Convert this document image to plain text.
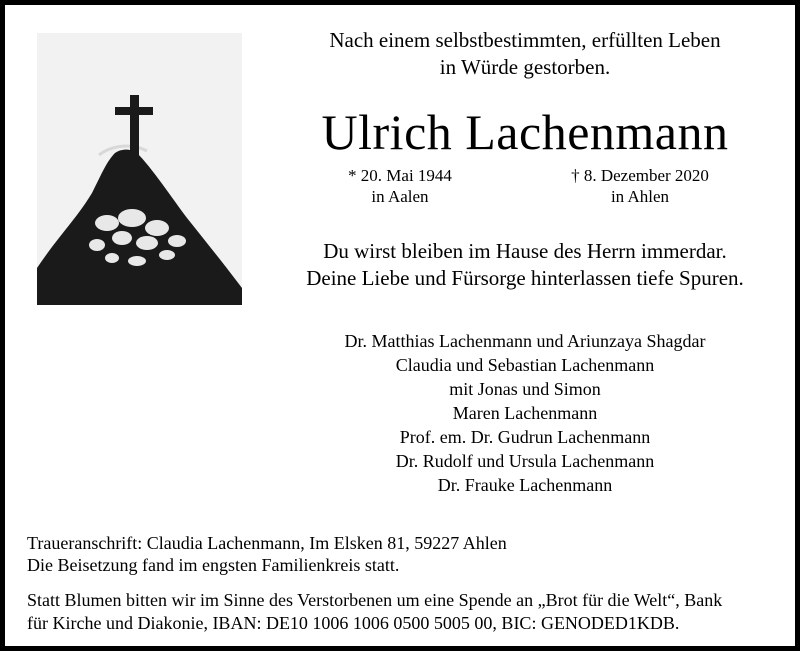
Nach einem selbstbestimmten, erfüllten Leben
in Würde gestorben.
Ulrich Lachenmann
* 20. Mai 1944
in Aalen
† 8. Dezember 2020
in Ahlen
Du wirst bleiben im Hause des Herrn immerdar.
Deine Liebe und Fürsorge hinterlassen tiefe Spuren.
Dr. Matthias Lachenmann und Ariunzaya Shagdar
Claudia und Sebastian Lachenmann
mit Jonas und Simon
Maren Lachenmann
Prof. em. Dr. Gudrun Lachenmann
Dr. Rudolf und Ursula Lachenmann
Dr. Frauke Lachenmann
Traueranschrift: Claudia Lachenmann, Im Elsken 81, 59227 Ahlen
Die Beisetzung fand im engsten Familienkreis statt.
Statt Blumen bitten wir im Sinne des Verstorbenen um eine Spende an „Brot für die Welt“, Bank
für Kirche und Diakonie, IBAN: DE10 1006 1006 0500 5005 00, BIC: GENODED1KDB.
